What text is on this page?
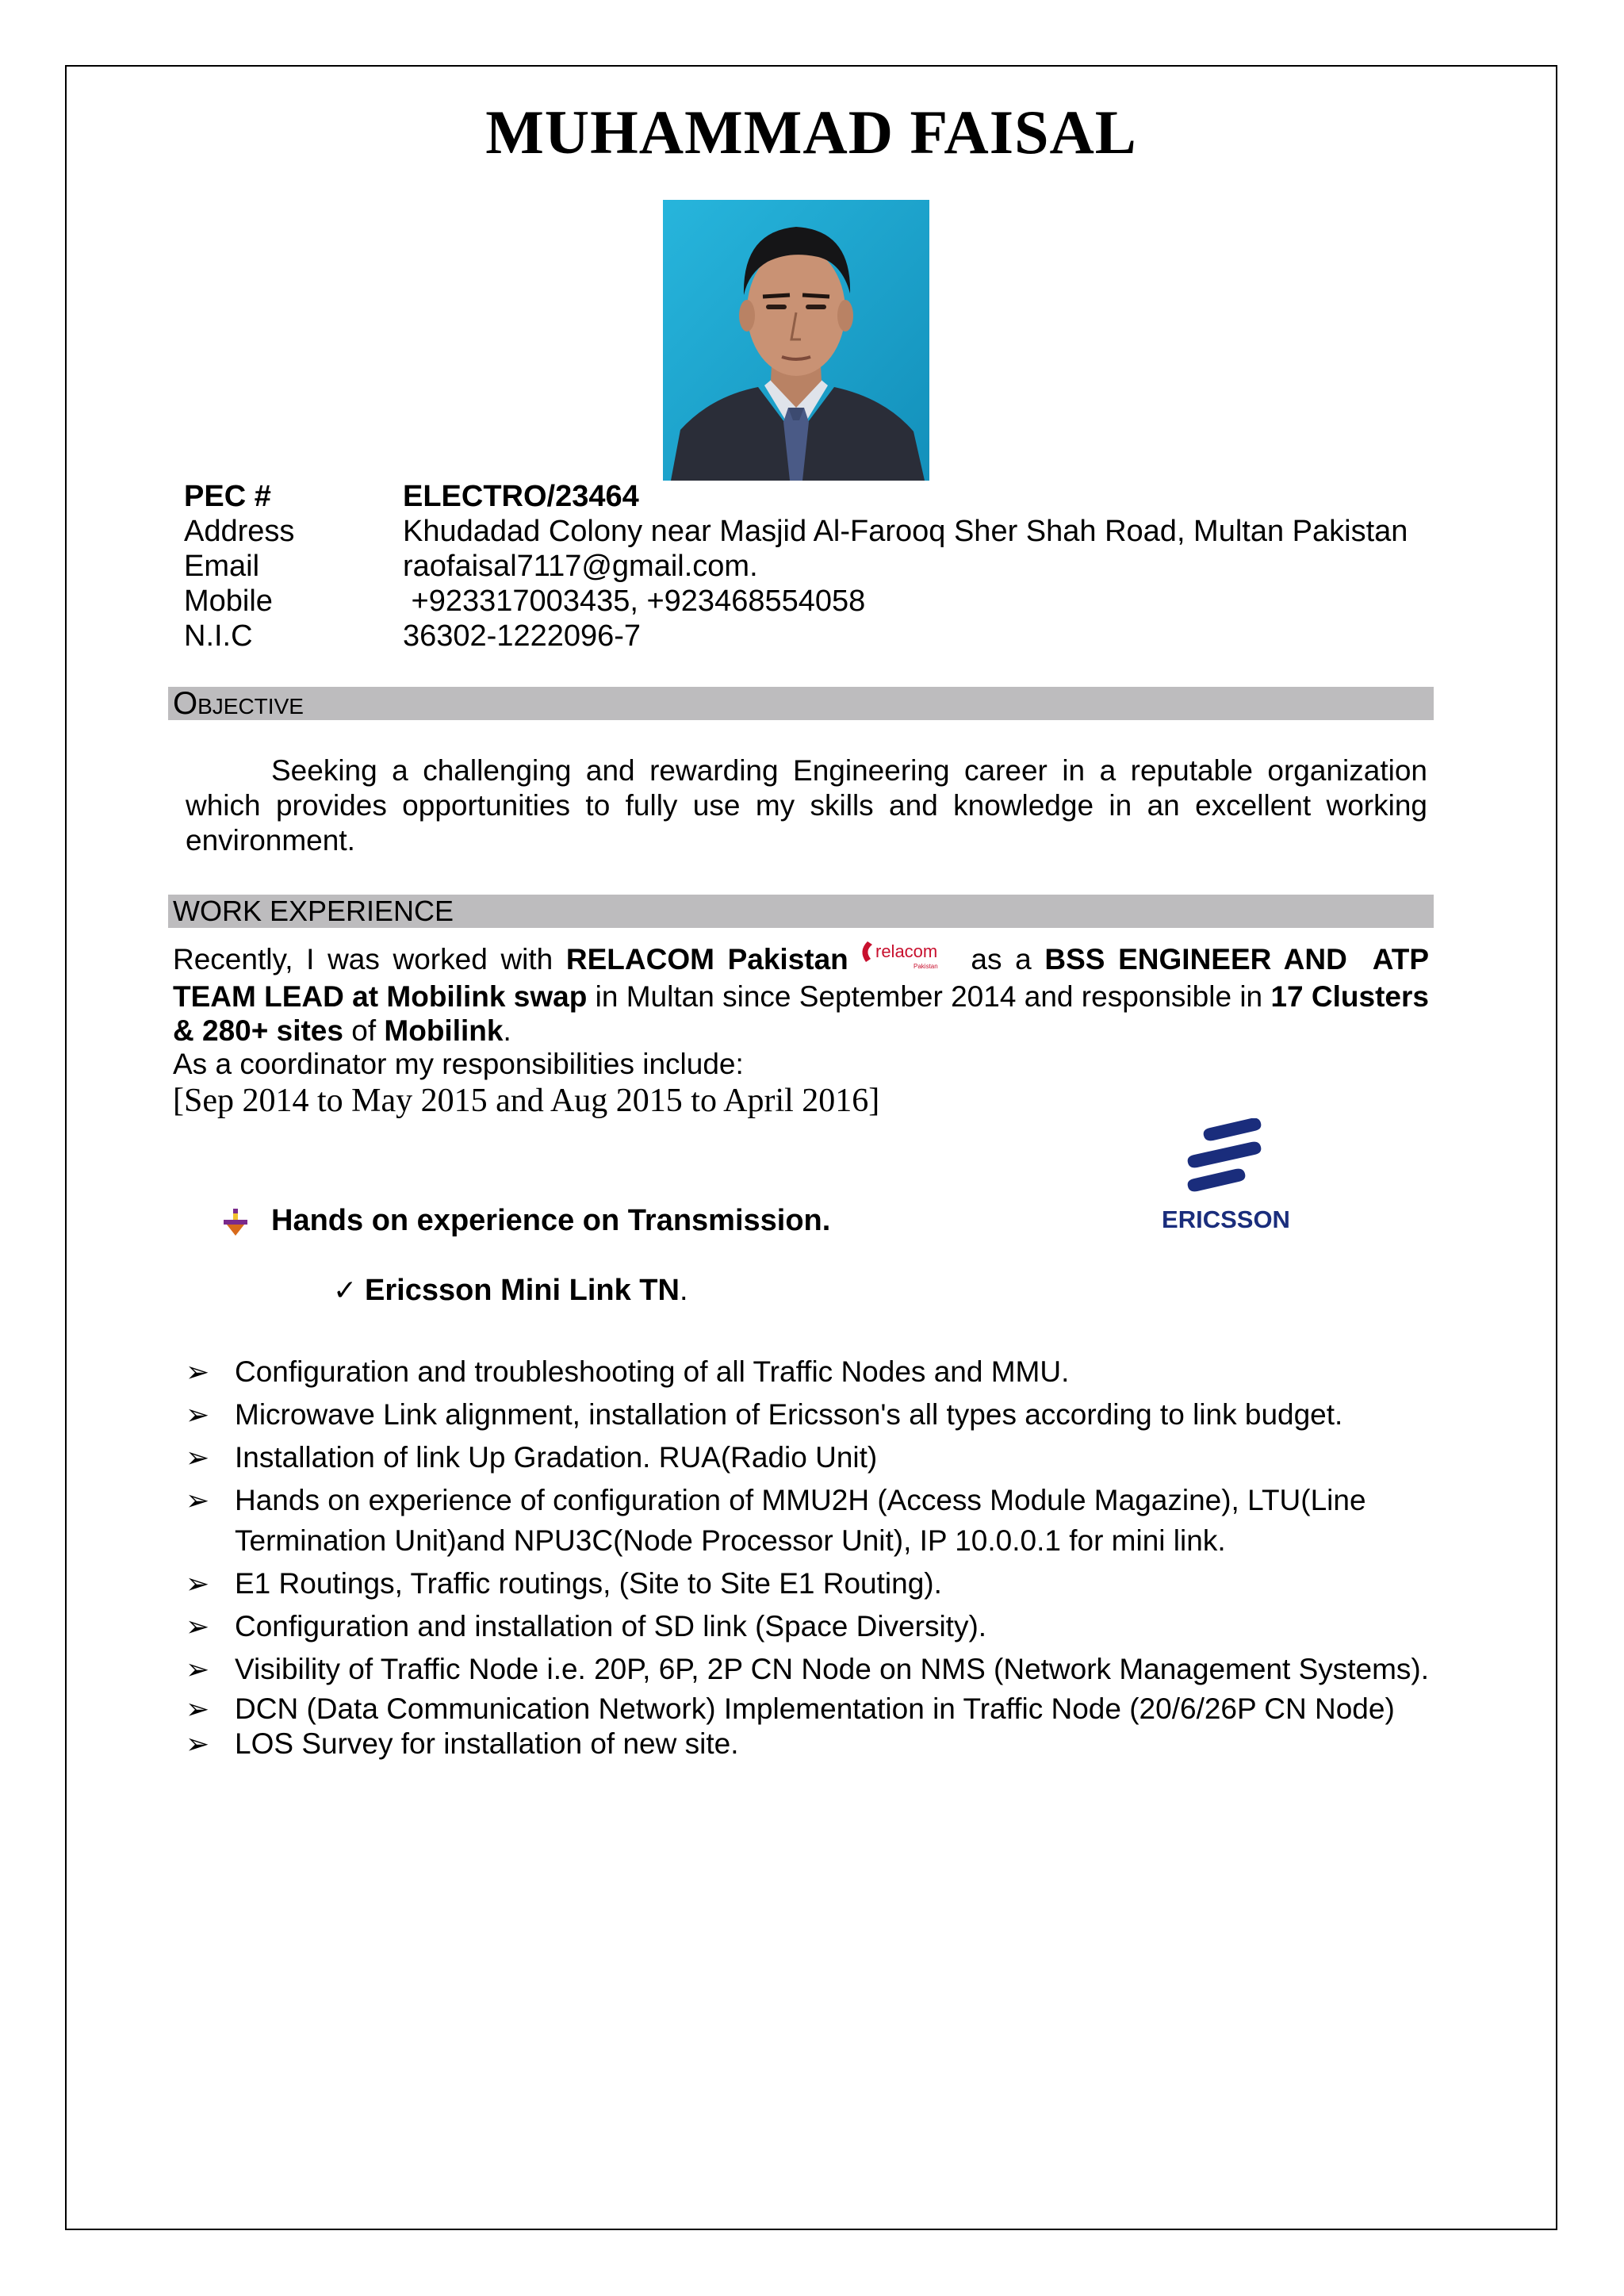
MUHAMMAD FAISAL
PEC #	ELECTRO/23464
Address	Khudadad Colony near Masjid Al-Farooq Sher Shah Road, Multan Pakistan
Email	raofaisal7117@gmail.com.
Mobile	+923317003435, +923468554058
N.I.C	36302-1222096-7
Objective
Seeking a challenging and rewarding Engineering career in a reputable organization which provides opportunities to fully use my skills and knowledge in an excellent working environment.
WORK EXPERIENCE
Recently, I was worked with RELACOM Pakistan relacom
Pakistan as a BSS ENGINEER AND  ATP TEAM LEAD at Mobilink swap in Multan since September 2014 and responsible in 17 Clusters & 280+ sites of Mobilink.
As a coordinator my responsibilities include:
[Sep 2014 to May 2015 and Aug 2015 to April 2016]
ERICSSON
Hands on experience on Transmission.
✓ Ericsson Mini Link TN.
➢ Configuration and troubleshooting of all Traffic Nodes and MMU.
➢ Microwave Link alignment, installation of Ericsson's all types according to link budget.
➢ Installation of link Up Gradation. RUA(Radio Unit)
➢ Hands on experience of configuration of MMU2H (Access Module Magazine), LTU(Line Termination Unit)and NPU3C(Node Processor Unit), IP 10.0.0.1 for mini link.
➢ E1 Routings, Traffic routings, (Site to Site E1 Routing).
➢ Configuration and installation of SD link (Space Diversity).
➢ Visibility of Traffic Node i.e. 20P, 6P, 2P CN Node on NMS (Network Management Systems).
➢ DCN (Data Communication Network) Implementation in Traffic Node (20/6/26P CN Node)
➢ LOS Survey for installation of new site.
